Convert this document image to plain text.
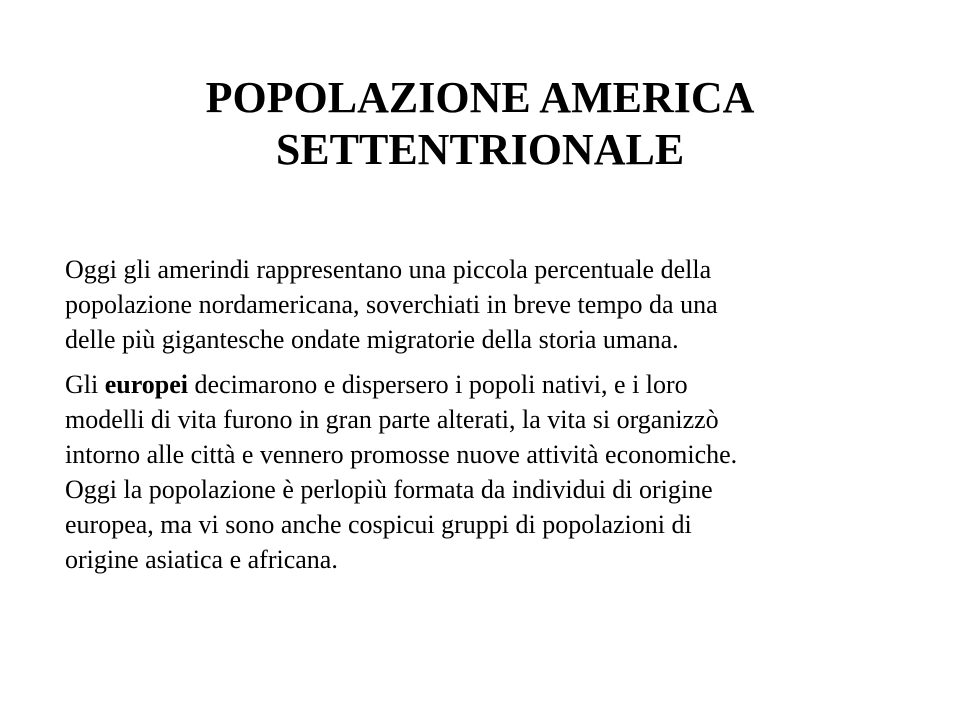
POPOLAZIONE AMERICA
SETTENTRIONALE

Oggi gli amerindi rappresentano una piccola percentuale della
popolazione nordamericana, soverchiati in breve tempo da una
delle più gigantesche ondate migratorie della storia umana.

Gli europei decimarono e dispersero i popoli nativi, e i loro
modelli di vita furono in gran parte alterati, la vita si organizzò
intorno alle città e vennero promosse nuove attività economiche.
Oggi la popolazione è perlopiù formata da individui di origine
europea, ma vi sono anche cospicui gruppi di popolazioni di
origine asiatica e africana.
